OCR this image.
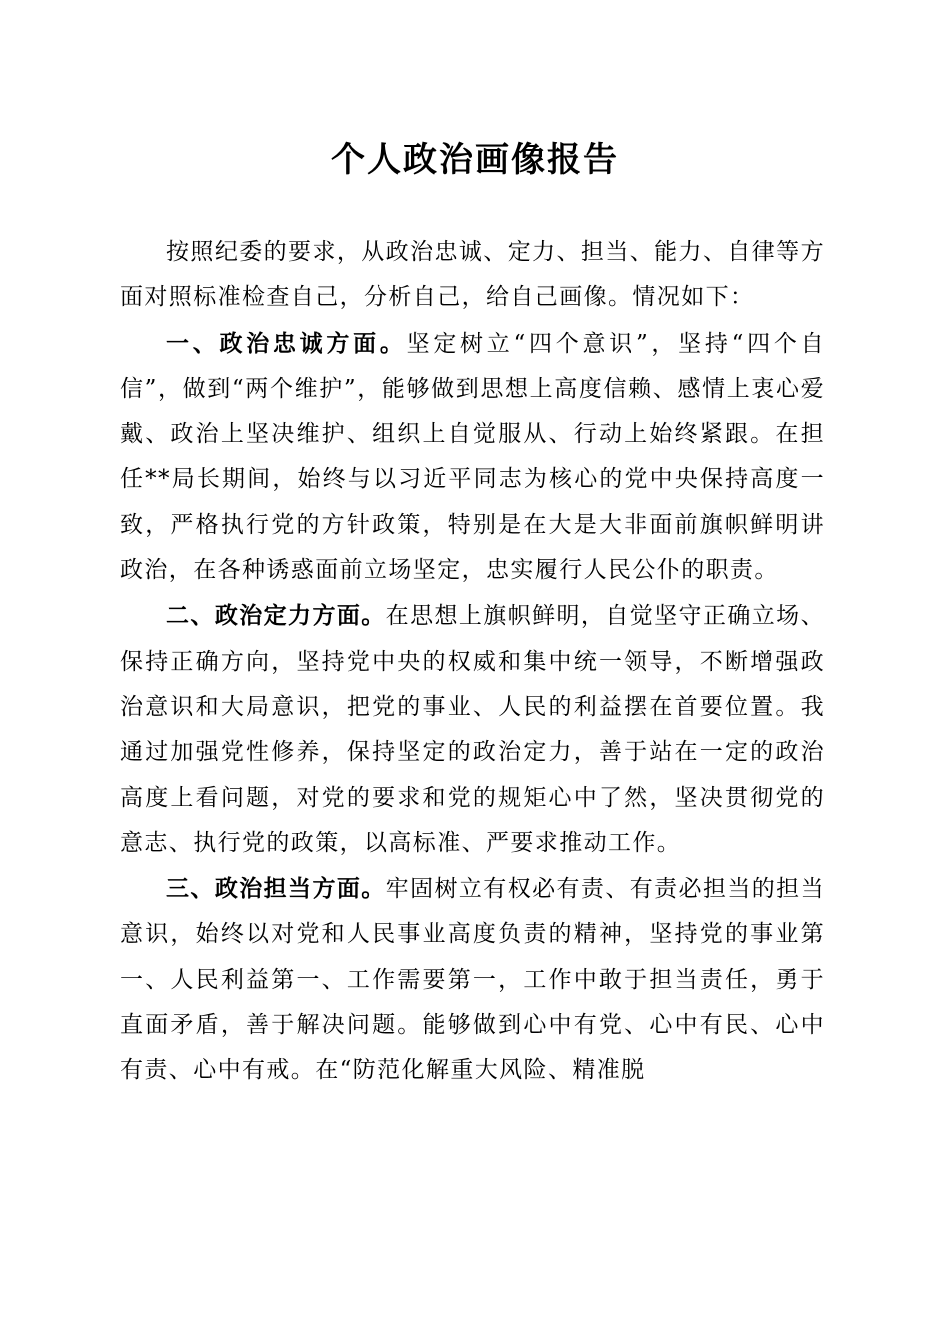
个人政治画像报告

按照纪委的要求，从政治忠诚、定力、担当、能力、自律等方面对照标准检查自己，分析自己，给自己画像。情况如下：

一、政治忠诚方面。坚定树立“四个意识”，坚持“四个自信”，做到“两个维护”，能够做到思想上高度信赖、感情上衷心爱戴、政治上坚决维护、组织上自觉服从、行动上始终紧跟。在担任**局长期间，始终与以习近平同志为核心的党中央保持高度一致，严格执行党的方针政策，特别是在大是大非面前旗帜鲜明讲政治，在各种诱惑面前立场坚定，忠实履行人民公仆的职责。

二、政治定力方面。在思想上旗帜鲜明，自觉坚守正确立场、保持正确方向，坚持党中央的权威和集中统一领导，不断增强政治意识和大局意识，把党的事业、人民的利益摆在首要位置。我通过加强党性修养，保持坚定的政治定力，善于站在一定的政治高度上看问题，对党的要求和党的规矩心中了然，坚决贯彻党的意志、执行党的政策，以高标准、严要求推动工作。

三、政治担当方面。牢固树立有权必有责、有责必担当的担当意识，始终以对党和人民事业高度负责的精神，坚持党的事业第一、人民利益第一、工作需要第一，工作中敢于担当责任，勇于直面矛盾，善于解决问题。能够做到心中有党、心中有民、心中有责、心中有戒。在“防范化解重大风险、精准脱
